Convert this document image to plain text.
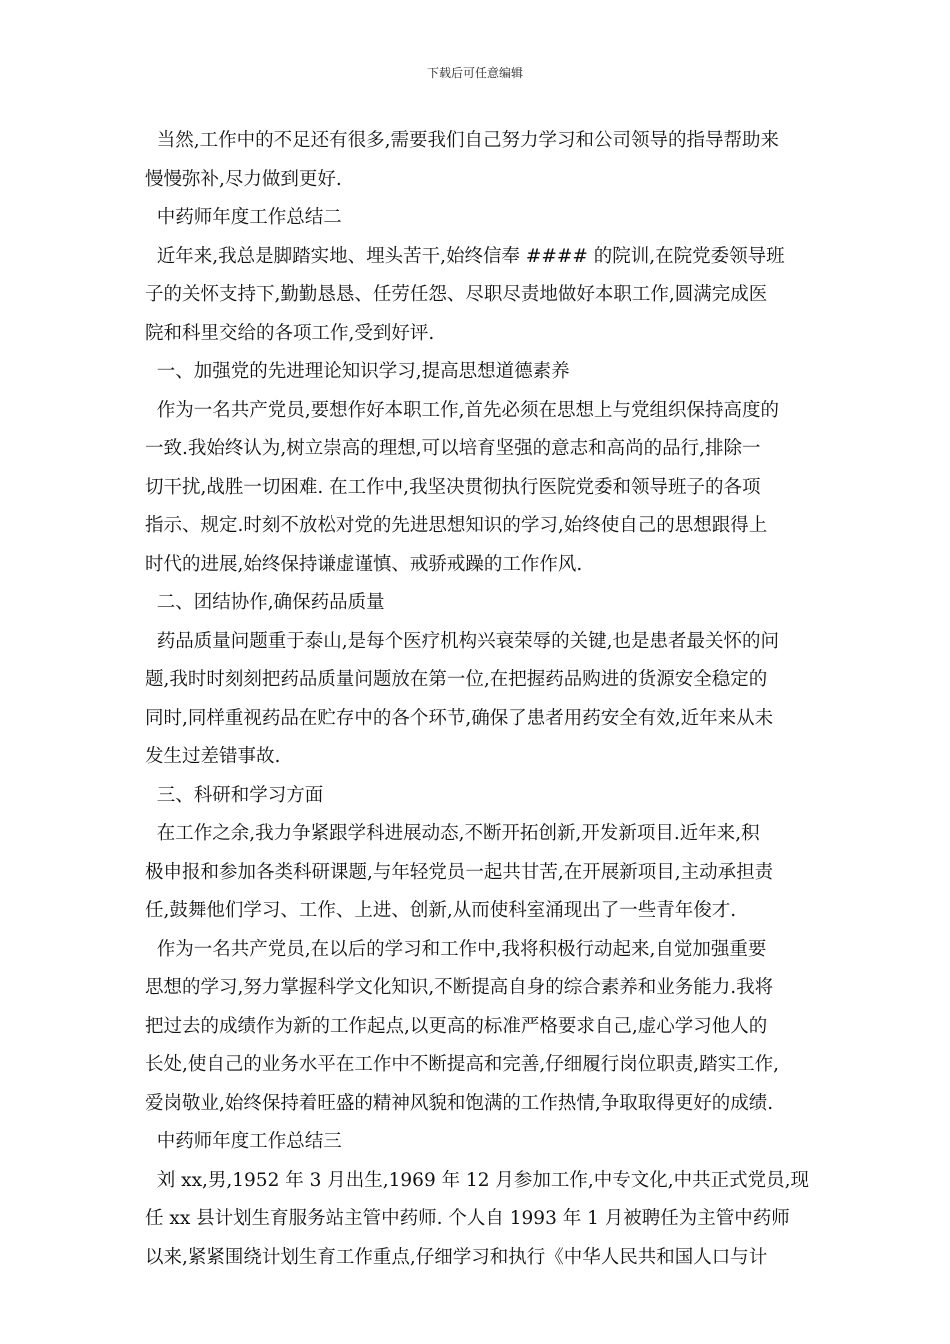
下载后可任意编辑
当然,工作中的不足还有很多,需要我们自己努力学习和公司领导的指导帮助来
慢慢弥补,尽力做到更好.
中药师年度工作总结二
近年来,我总是脚踏实地、埋头苦干,始终信奉 #### 的院训,在院党委领导班
子的关怀支持下,勤勤恳恳、任劳任怨、尽职尽责地做好本职工作,圆满完成医
院和科里交给的各项工作,受到好评.
一、加强党的先进理论知识学习,提高思想道德素养
作为一名共产党员,要想作好本职工作,首先必须在思想上与党组织保持高度的
一致.我始终认为,树立崇高的理想,可以培育坚强的意志和高尚的品行,排除一
切干扰,战胜一切困难. 在工作中,我坚决贯彻执行医院党委和领导班子的各项
指示、规定.时刻不放松对党的先进思想知识的学习,始终使自己的思想跟得上
时代的进展,始终保持谦虚谨慎、戒骄戒躁的工作作风.
二、团结协作,确保药品质量
药品质量问题重于泰山,是每个医疗机构兴衰荣辱的关键,也是患者最关怀的问
题,我时时刻刻把药品质量问题放在第一位,在把握药品购进的货源安全稳定的
同时,同样重视药品在贮存中的各个环节,确保了患者用药安全有效,近年来从未
发生过差错事故.
三、科研和学习方面
在工作之余,我力争紧跟学科进展动态,不断开拓创新,开发新项目.近年来,积
极申报和参加各类科研课题,与年轻党员一起共甘苦,在开展新项目,主动承担责
任,鼓舞他们学习、工作、上进、创新,从而使科室涌现出了一些青年俊才.
作为一名共产党员,在以后的学习和工作中,我将积极行动起来,自觉加强重要
思想的学习,努力掌握科学文化知识,不断提高自身的综合素养和业务能力.我将
把过去的成绩作为新的工作起点,以更高的标准严格要求自己,虚心学习他人的
长处,使自己的业务水平在工作中不断提高和完善,仔细履行岗位职责,踏实工作,
爱岗敬业,始终保持着旺盛的精神风貌和饱满的工作热情,争取取得更好的成绩.
中药师年度工作总结三
刘 xx,男,1952 年 3 月出生,1969 年 12 月参加工作,中专文化,中共正式党员,现
任 xx 县计划生育服务站主管中药师. 个人自 1993 年 1 月被聘任为主管中药师
以来,紧紧围绕计划生育工作重点,仔细学习和执行《中华人民共和国人口与计
